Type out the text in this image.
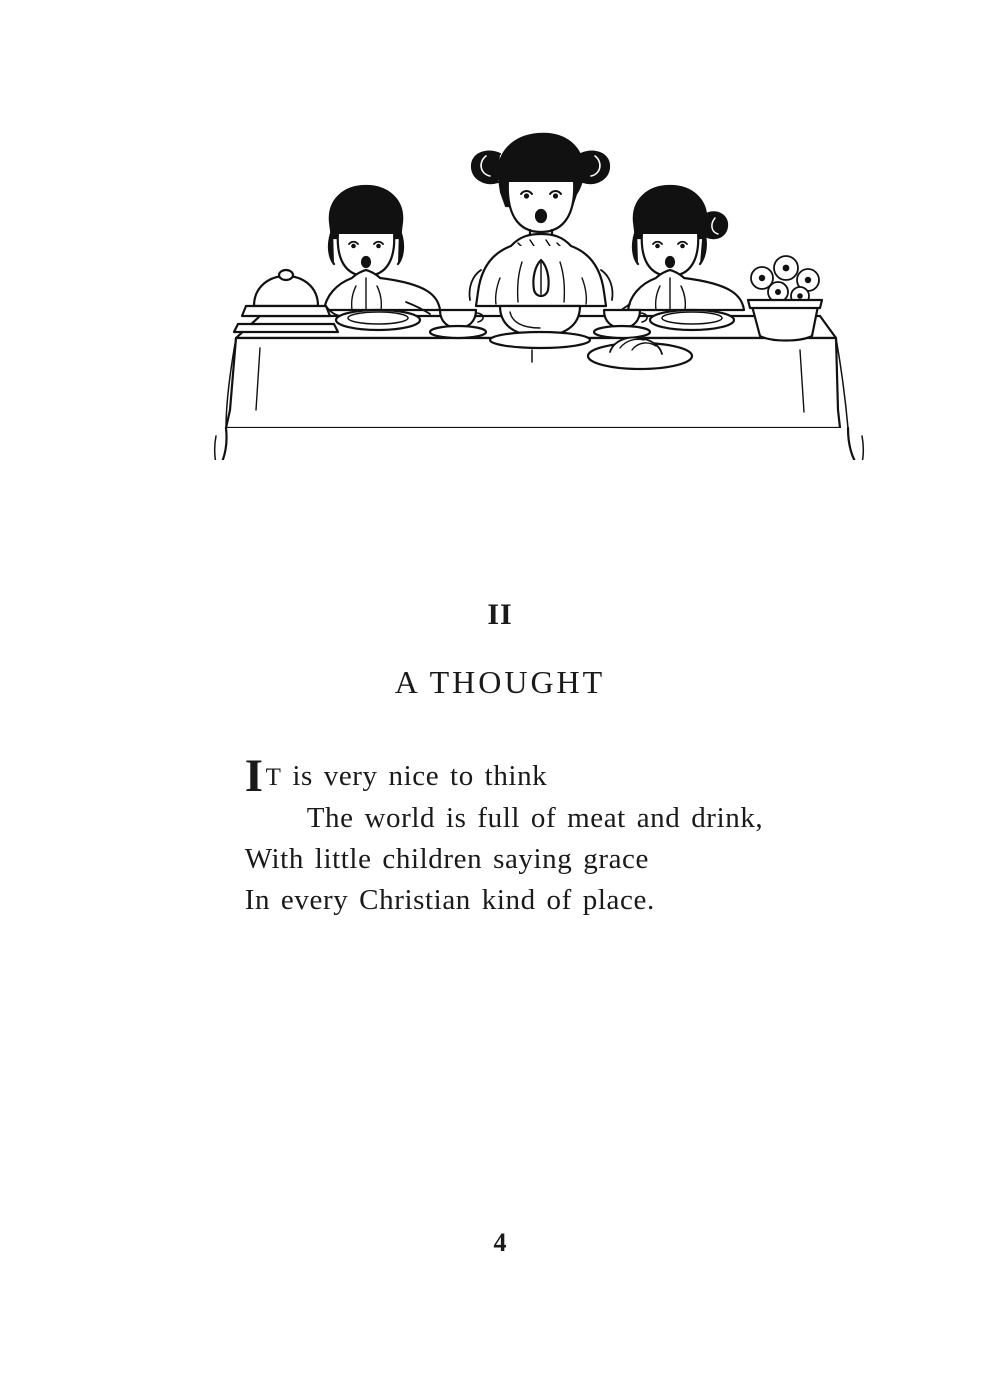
II
A THOUGHT
IT is very nice to think
The world is full of meat and drink,
With little children saying grace
In every Christian kind of place.
4
